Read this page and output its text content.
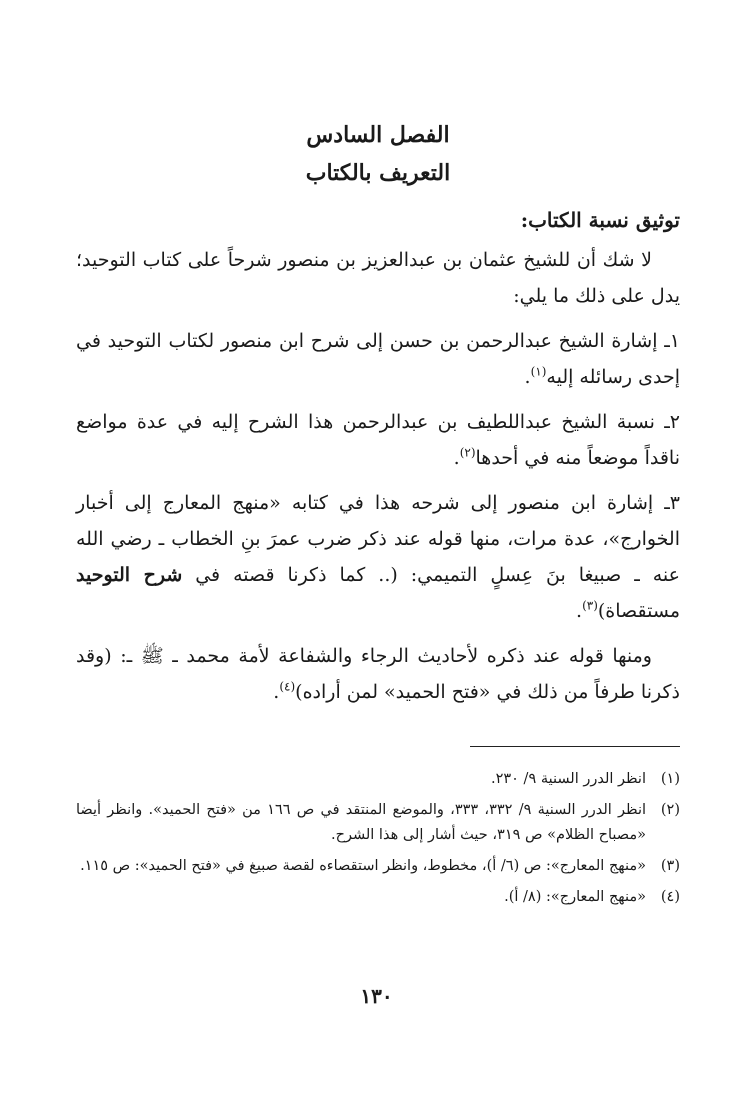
الفصل السادس
التعريف بالكتاب
توثيق نسبة الكتاب:

لا شك أن للشيخ عثمان بن عبدالعزيز بن منصور شرحاً على كتاب التوحيد؛ يدل على ذلك ما يلي:

١ـ إشارة الشيخ عبدالرحمن بن حسن إلى شرح ابن منصور لكتاب التوحيد في إحدى رسائله إليه$^{(١)}$.

٢ـ نسبة الشيخ عبداللطيف بن عبدالرحمن هذا الشرح إليه في عدة مواضع ناقداً موضعاً منه في أحدها$^{(٢)}$.

٣ـ إشارة ابن منصور إلى شرحه هذا في كتابه «منهج المعارج إلى أخبار الخوارج»، عدة مرات، منها قوله عند ذكر ضرب عمرَ بنِ الخطاب ـ رضي الله عنه ـ صبيغا بنَ عِسلٍ التميمي: (.. كما ذكرنا قصته في شرح التوحيد مستقصاة)$^{(٣)}$.

ومنها قوله عند ذكره لأحاديث الرجاء والشفاعة لأمة محمد ـ ﷺ ـ: (وقد ذكرنا طرفاً من ذلك في «فتح الحميد» لمن أراده)$^{(٤)}$.

(١)
انظر الدرر السنية ٩/ ٢٣٠.
(٢)
انظر الدرر السنية ٩/ ٣٣٢، ٣٣٣، والموضع المنتقد في ص ١٦٦ من «فتح الحميد». وانظر أيضا «مصباح الظلام» ص ٣١٩، حيث أشار إلى هذا الشرح.
(٣)
«منهج المعارج»: ص (٦/ أ)، مخطوط، وانظر استقصاءه لقصة صبيغ في «فتح الحميد»: ص ١١٥.
(٤)
«منهج المعارج»: (٨/ أ).
١٣٠
